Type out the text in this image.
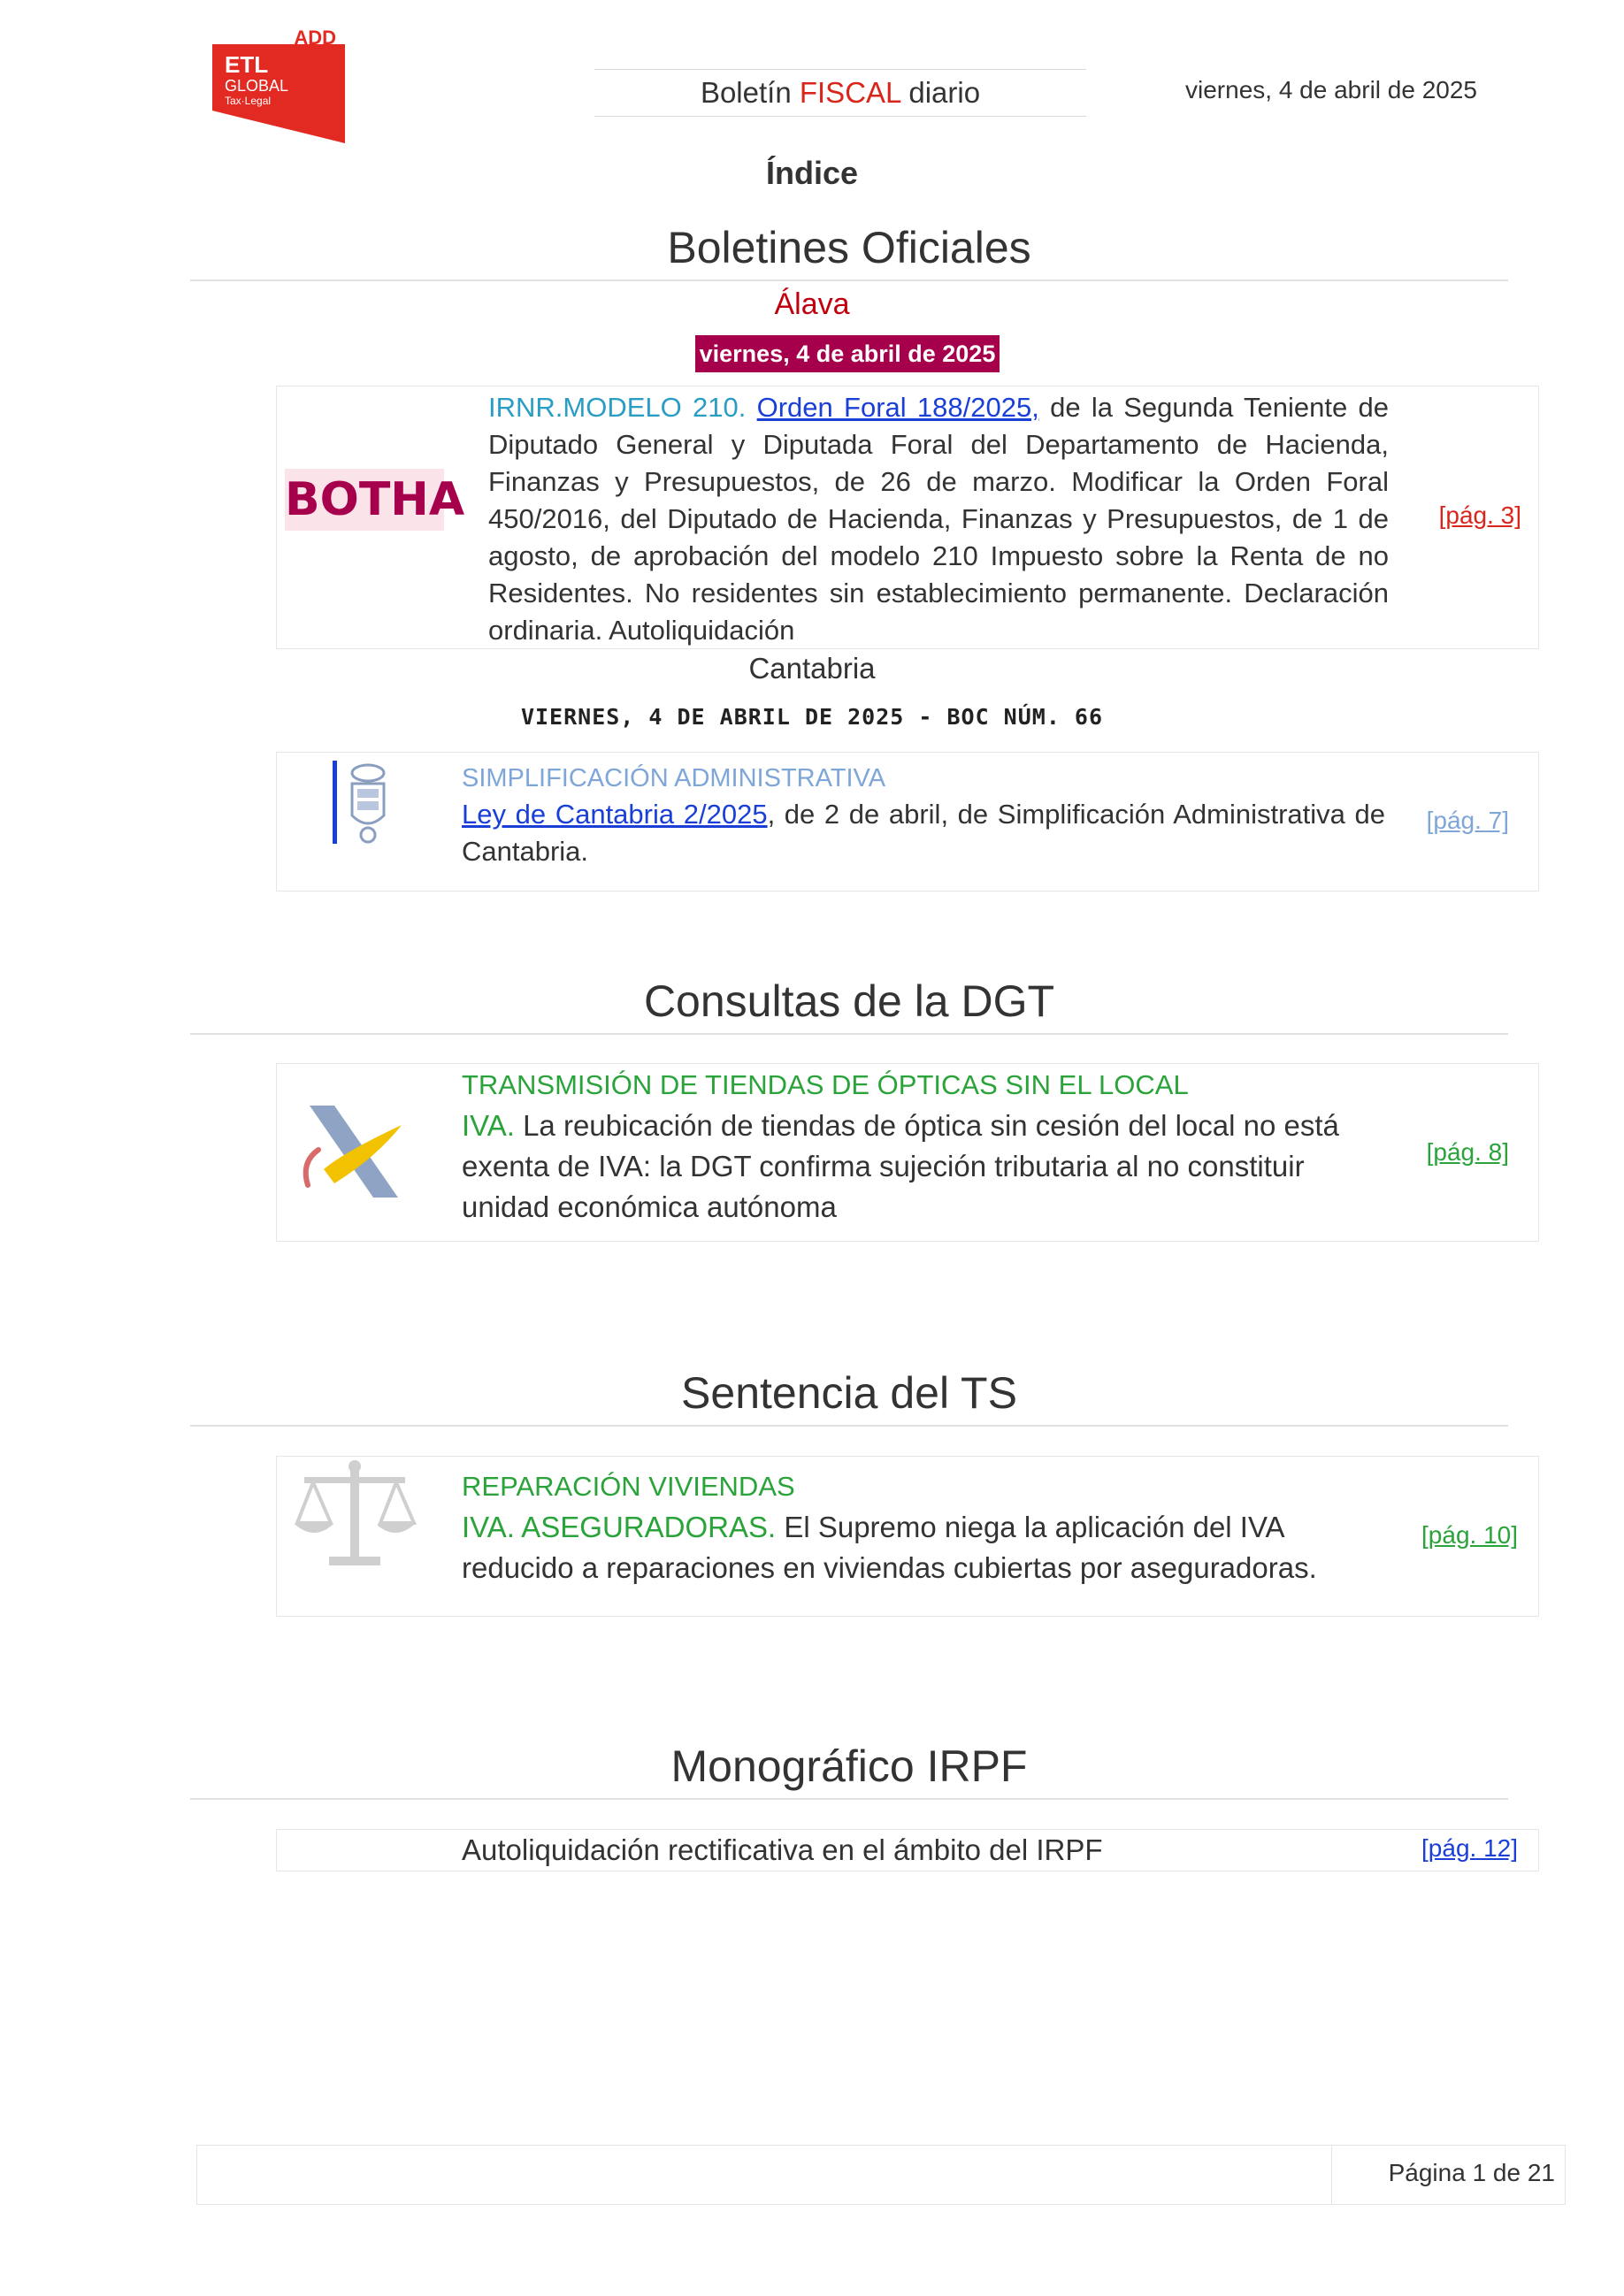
ADD
ETL
GLOBAL
Tax·Legal	Boletín FISCAL diario	viernes, 4 de abril de 2025
Índice
Boletines Oficiales
Álava
viernes, 4 de abril de 2025
BOTHA
IRNR.MODELO 210. Orden Foral 188/2025, de la Segunda Teniente de Diputado General y Diputada Foral del Departamento de Hacienda, Finanzas y Presupuestos, de 26 de marzo. Modificar la Orden Foral 450/2016, del Diputado de Hacienda, Finanzas y Presupuestos, de 1 de agosto, de aprobación del modelo 210 Impuesto sobre la Renta de no Residentes. No residentes sin establecimiento permanente. Declaración ordinaria. Autoliquidación
[pág. 3]
Cantabria
VIERNES, 4 DE ABRIL DE 2025 - BOC NÚM. 66
SIMPLIFICACIÓN ADMINISTRATIVA
Ley de Cantabria 2/2025, de 2 de abril, de Simplificación Administrativa de Cantabria.
[pág. 7]
Consultas de la DGT
TRANSMISIÓN DE TIENDAS DE ÓPTICAS SIN EL LOCAL
IVA. La reubicación de tiendas de óptica sin cesión del local no está exenta de IVA: la DGT confirma sujeción tributaria al no constituir unidad económica autónoma
[pág. 8]
Sentencia del TS
REPARACIÓN VIVIENDAS
IVA. ASEGURADORAS. El Supremo niega la aplicación del IVA reducido a reparaciones en viviendas cubiertas por aseguradoras.
[pág. 10]
Monográfico IRPF
Autoliquidación rectificativa en el ámbito del IRPF	[pág. 12]
Página 1 de 21
